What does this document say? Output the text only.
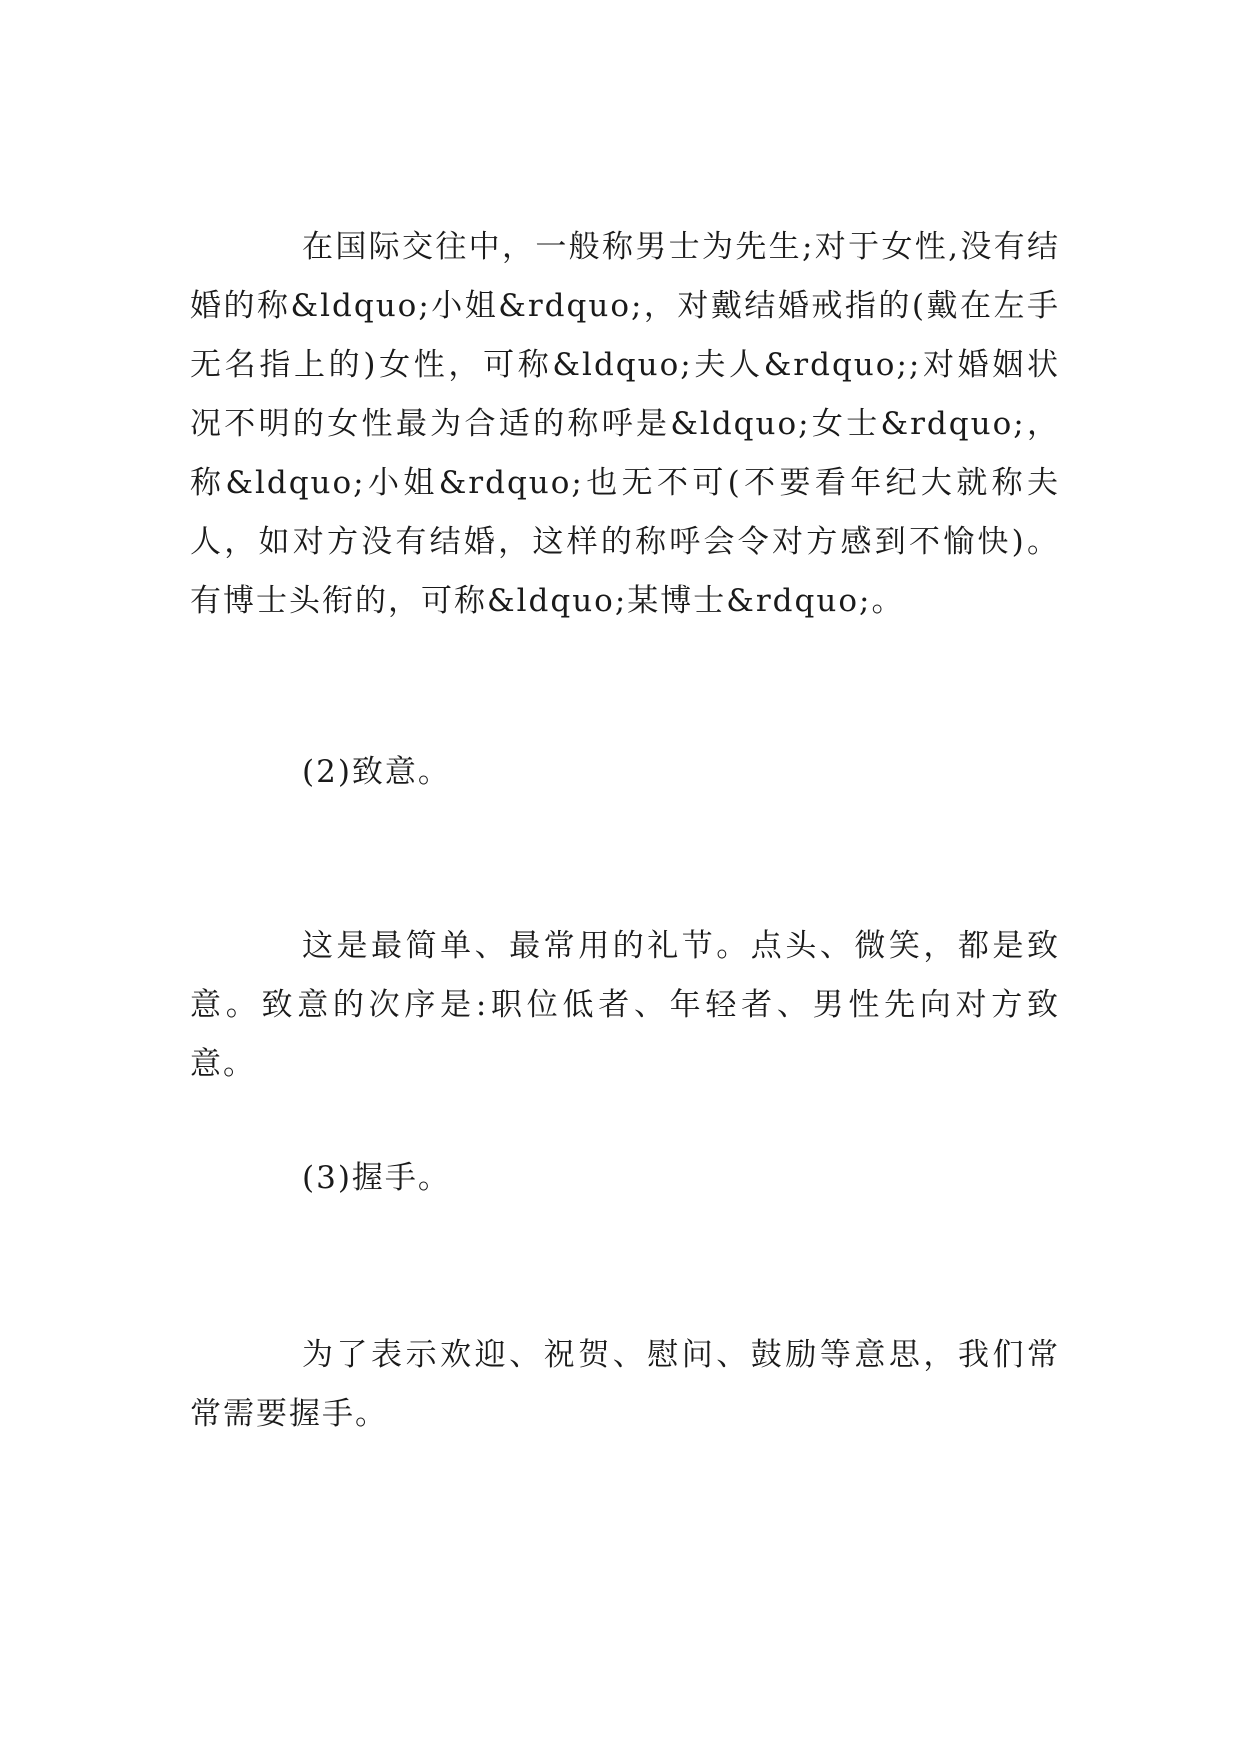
在国际交往中，一般称男士为先生;对于女性,没有结婚的称&ldquo;小姐&rdquo;，对戴结婚戒指的(戴在左手无名指上的)女性，可称&ldquo;夫人&rdquo;;对婚姻状况不明的女性最为合适的称呼是&ldquo;女士&rdquo;，称&ldquo;小姐&rdquo;也无不可(不要看年纪大就称夫人，如对方没有结婚，这样的称呼会令对方感到不愉快)。有博士头衔的，可称&ldquo;某博士&rdquo;。

(2)致意。

这是最简单、最常用的礼节。点头、微笑，都是致意。致意的次序是:职位低者、年轻者、男性先向对方致意。

(3)握手。

为了表示欢迎、祝贺、慰问、鼓励等意思，我们常常需要握手。
